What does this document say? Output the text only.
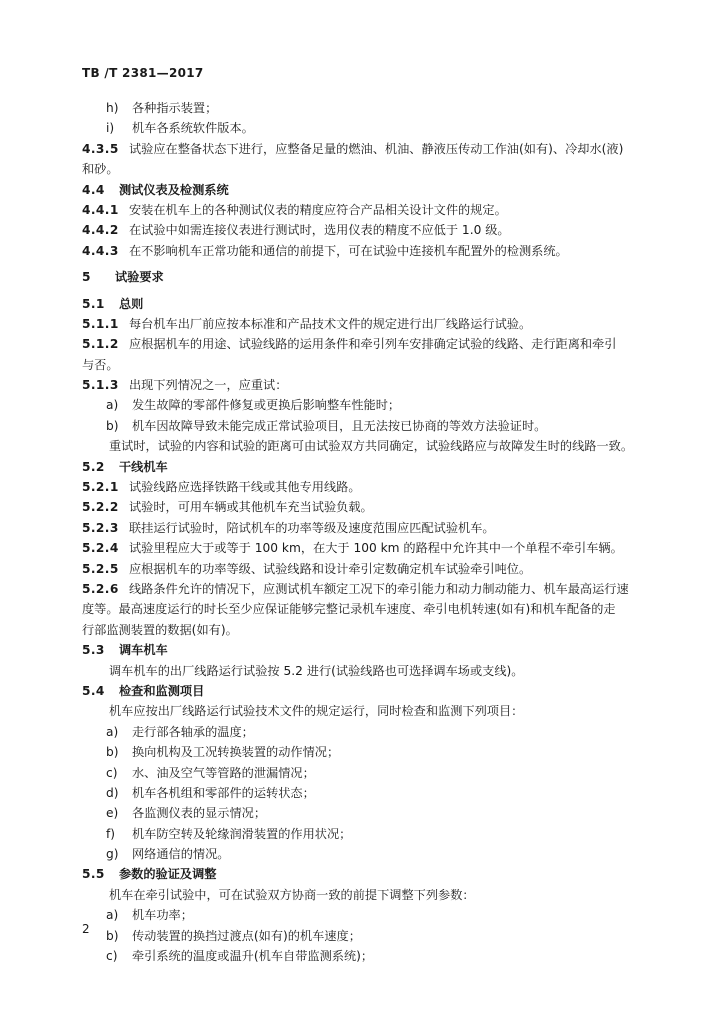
TB /T 2381—2017
h) 各种指示装置；
i) 机车各系统软件版本。
4.3.5 试验应在整备状态下进行，应整备足量的燃油、机油、静液压传动工作油(如有)、冷却水(液)
和砂。
4.4 测试仪表及检测系统
4.4.1 安装在机车上的各种测试仪表的精度应符合产品相关设计文件的规定。
4.4.2 在试验中如需连接仪表进行测试时，选用仪表的精度不应低于 1.0 级。
4.4.3 在不影响机车正常功能和通信的前提下，可在试验中连接机车配置外的检测系统。
5 试验要求
5.1 总则
5.1.1 每台机车出厂前应按本标准和产品技术文件的规定进行出厂线路运行试验。
5.1.2 应根据机车的用途、试验线路的运用条件和牵引列车安排确定试验的线路、走行距离和牵引
与否。
5.1.3 出现下列情况之一，应重试：
a) 发生故障的零部件修复或更换后影响整车性能时；
b) 机车因故障导致未能完成正常试验项目，且无法按已协商的等效方法验证时。
重试时，试验的内容和试验的距离可由试验双方共同确定，试验线路应与故障发生时的线路一致。
5.2 干线机车
5.2.1 试验线路应选择铁路干线或其他专用线路。
5.2.2 试验时，可用车辆或其他机车充当试验负载。
5.2.3 联挂运行试验时，陪试机车的功率等级及速度范围应匹配试验机车。
5.2.4 试验里程应大于或等于 100 km，在大于 100 km 的路程中允许其中一个单程不牵引车辆。
5.2.5 应根据机车的功率等级、试验线路和设计牵引定数确定机车试验牵引吨位。
5.2.6 线路条件允许的情况下，应测试机车额定工况下的牵引能力和动力制动能力、机车最高运行速
度等。最高速度运行的时长至少应保证能够完整记录机车速度、牵引电机转速(如有)和机车配备的走
行部监测装置的数据(如有)。
5.3 调车机车
调车机车的出厂线路运行试验按 5.2 进行(试验线路也可选择调车场或支线)。
5.4 检查和监测项目
机车应按出厂线路运行试验技术文件的规定运行，同时检查和监测下列项目：
a) 走行部各轴承的温度；
b) 换向机构及工况转换装置的动作情况；
c) 水、油及空气等管路的泄漏情况；
d) 机车各机组和零部件的运转状态；
e) 各监测仪表的显示情况；
f) 机车防空转及轮缘润滑装置的作用状况；
g) 网络通信的情况。
5.5 参数的验证及调整
机车在牵引试验中，可在试验双方协商一致的前提下调整下列参数：
a) 机车功率；
b) 传动装置的换挡过渡点(如有)的机车速度；
c) 牵引系统的温度或温升(机车自带监测系统)；
2
